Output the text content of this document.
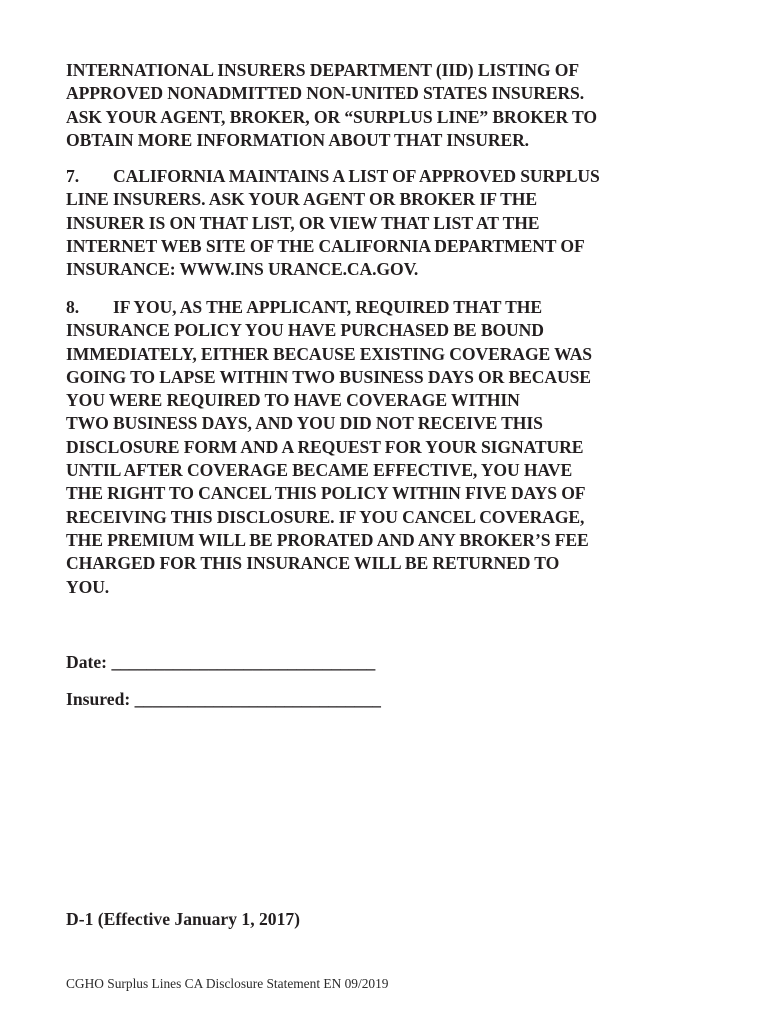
INTERNATIONAL INSURERS DEPARTMENT (IID) LISTING OF
APPROVED NONADMITTED NON-UNITED STATES INSURERS.
ASK YOUR AGENT, BROKER, OR “SURPLUS LINE” BROKER TO
OBTAIN MORE INFORMATION ABOUT THAT INSURER.
7. CALIFORNIA MAINTAINS A LIST OF APPROVED SURPLUS
LINE INSURERS. ASK YOUR AGENT OR BROKER IF THE
INSURER IS ON THAT LIST, OR VIEW THAT LIST AT THE
INTERNET WEB SITE OF THE CALIFORNIA DEPARTMENT OF
INSURANCE: WWW.INS URANCE.CA.GOV.
8. IF YOU, AS THE APPLICANT, REQUIRED THAT THE
INSURANCE POLICY YOU HAVE PURCHASED BE BOUND
IMMEDIATELY, EITHER BECAUSE EXISTING COVERAGE WAS
GOING TO LAPSE WITHIN TWO BUSINESS DAYS OR BECAUSE
YOU WERE REQUIRED TO HAVE COVERAGE WITHIN
TWO BUSINESS DAYS, AND YOU DID NOT RECEIVE THIS
DISCLOSURE FORM AND A REQUEST FOR YOUR SIGNATURE
UNTIL AFTER COVERAGE BECAME EFFECTIVE, YOU HAVE
THE RIGHT TO CANCEL THIS POLICY WITHIN FIVE DAYS OF
RECEIVING THIS DISCLOSURE. IF YOU CANCEL COVERAGE,
THE PREMIUM WILL BE PRORATED AND ANY BROKER’S FEE
CHARGED FOR THIS INSURANCE WILL BE RETURNED TO
YOU.
Date: ______________________________
Insured: ____________________________
D-1 (Effective January 1, 2017)
CGHO Surplus Lines CA Disclosure Statement EN 09/2019
